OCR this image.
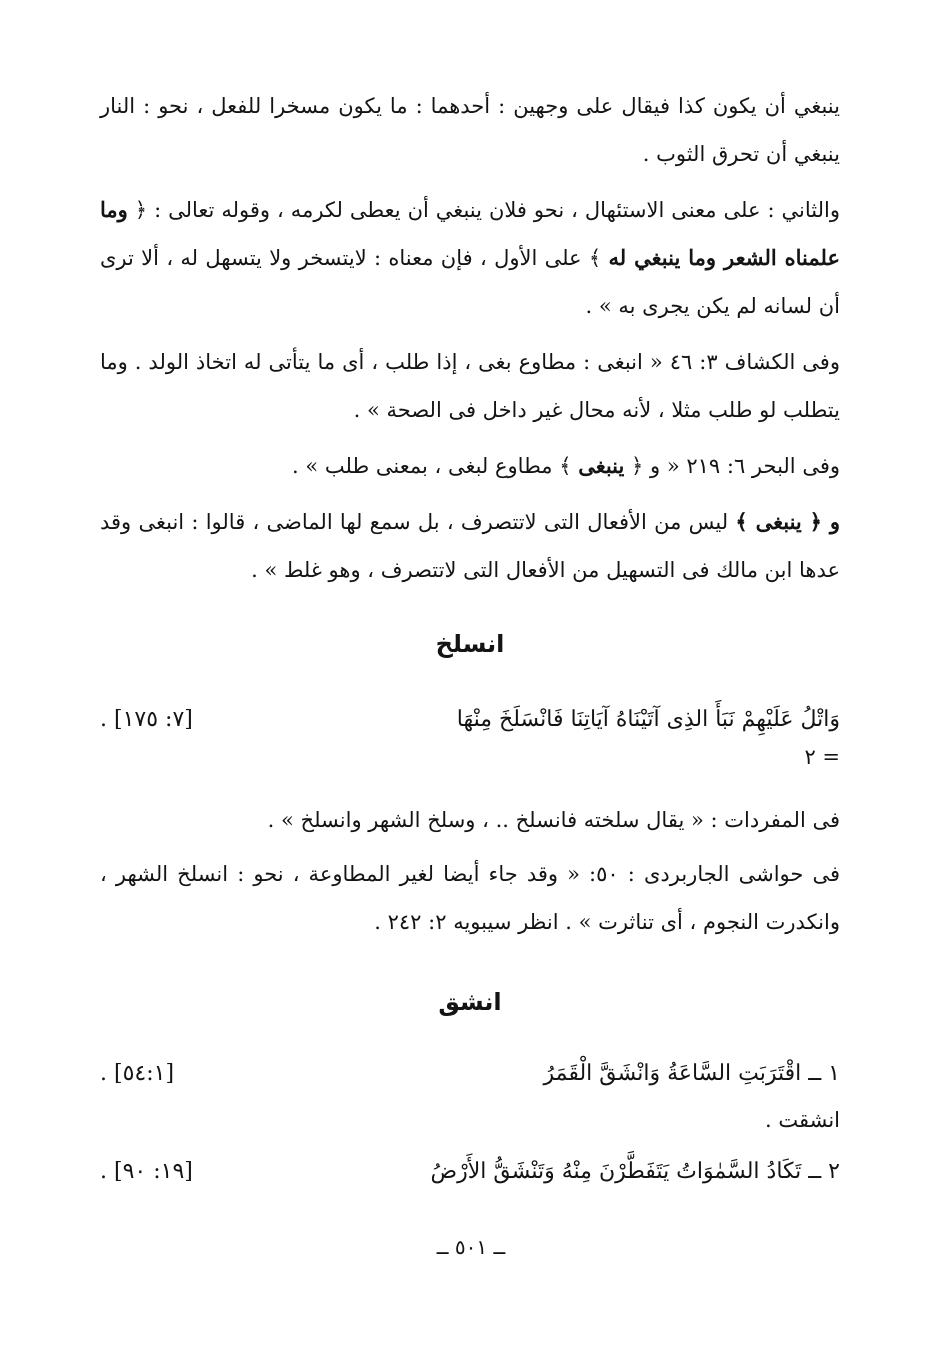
ينبغي أن يكون كذا فيقال على وجهين : أحدهما : ما يكون مسخرا للفعل ، نحو : النار ينبغي أن تحرق الثوب .

والثاني : على معنى الاستئهال ، نحو فلان ينبغي أن يعطى لكرمه ، وقوله تعالى : ﴿ وما علمناه الشعر وما ينبغي له ﴾ على الأول ، فإن معناه : لايتسخر ولا يتسهل له ، ألا ترى أن لسانه لم يكن يجرى به » .

وفى الكشاف ٣: ٤٦ « انبغى : مطاوع بغى ، إذا طلب ، أى ما يتأتى له اتخاذ الولد . وما يتطلب لو طلب مثلا ، لأنه محال غير داخل فى الصحة » .

وفى البحر ٦: ٢١٩ « و ﴿ ينبغى ﴾ مطاوع لبغى ، بمعنى طلب » .

و ﴿ ينبغى ﴾ ليس من الأفعال التى لاتتصرف ، بل سمع لها الماضى ، قالوا : انبغى وقد عدها ابن مالك فى التسهيل من الأفعال التى لاتتصرف ، وهو غلط » .

انسلخ
وَاتْلُ عَلَيْهِمْ نَبَأَ الذِى آتَيْنَاهُ آيَاتِنَا فَانْسَلَخَ مِنْهَا
[٧: ١٧٥] .
= ٢

فى المفردات : « يقال سلخته فانسلخ .. ، وسلخ الشهر وانسلخ » .

فى حواشى الجاربردى : ٥٠: « وقد جاء أيضا لغير المطاوعة ، نحو : انسلخ الشهر ، وانكدرت النجوم ، أى تناثرت » . انظر سيبويه ٢: ٢٤٢ .

انشق
١ ــ اقْتَرَبَتِ السَّاعَةُ وَانْشَقَّ الْقَمَرُ
[٥٤:١] .
انشقت .
٢ ــ تَكَادُ السَّمٰوَاتُ يَتَفَطَّرْنَ مِنْهُ وَتَنْشَقُّ الأَرْضُ
[١٩: ٩٠] .
ــ ٥٠١ ــ
